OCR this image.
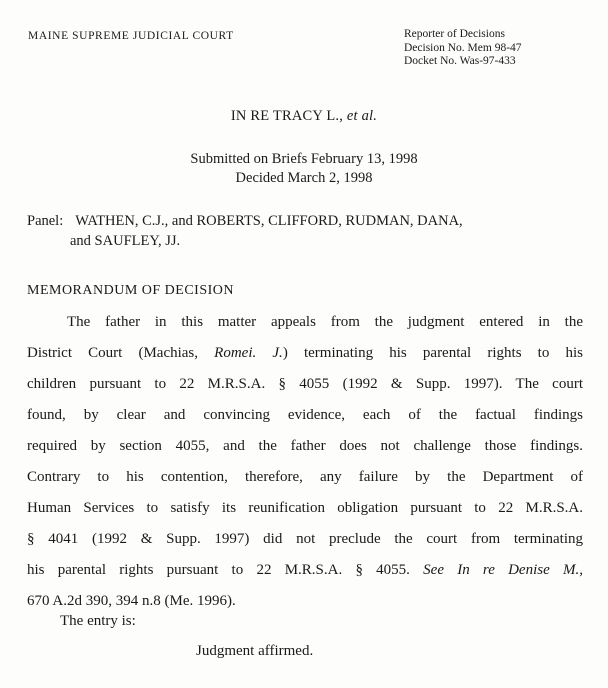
MAINE SUPREME JUDICIAL COURT	Reporter of Decisions
Decision No. Mem 98-47
Docket No. Was-97-433
IN RE TRACY L., et al.
Submitted on Briefs February 13, 1998
Decided March 2, 1998
Panel: WATHEN, C.J., and ROBERTS, CLIFFORD, RUDMAN, DANA,
and SAUFLEY, JJ.
MEMORANDUM OF DECISION
The father in this matter appeals from the judgment entered in the
District Court (Machias, Romei. J.) terminating his parental rights to his
children pursuant to 22 M.R.S.A. § 4055 (1992 & Supp. 1997). The court
found, by clear and convincing evidence, each of the factual findings
required by section 4055, and the father does not challenge those findings.
Contrary to his contention, therefore, any failure by the Department of
Human Services to satisfy its reunification obligation pursuant to 22 M.R.S.A.
§ 4041 (1992 & Supp. 1997) did not preclude the court from terminating
his parental rights pursuant to 22 M.R.S.A. § 4055. See In re Denise M.,
670 A.2d 390, 394 n.8 (Me. 1996).
The entry is:
Judgment affirmed.
